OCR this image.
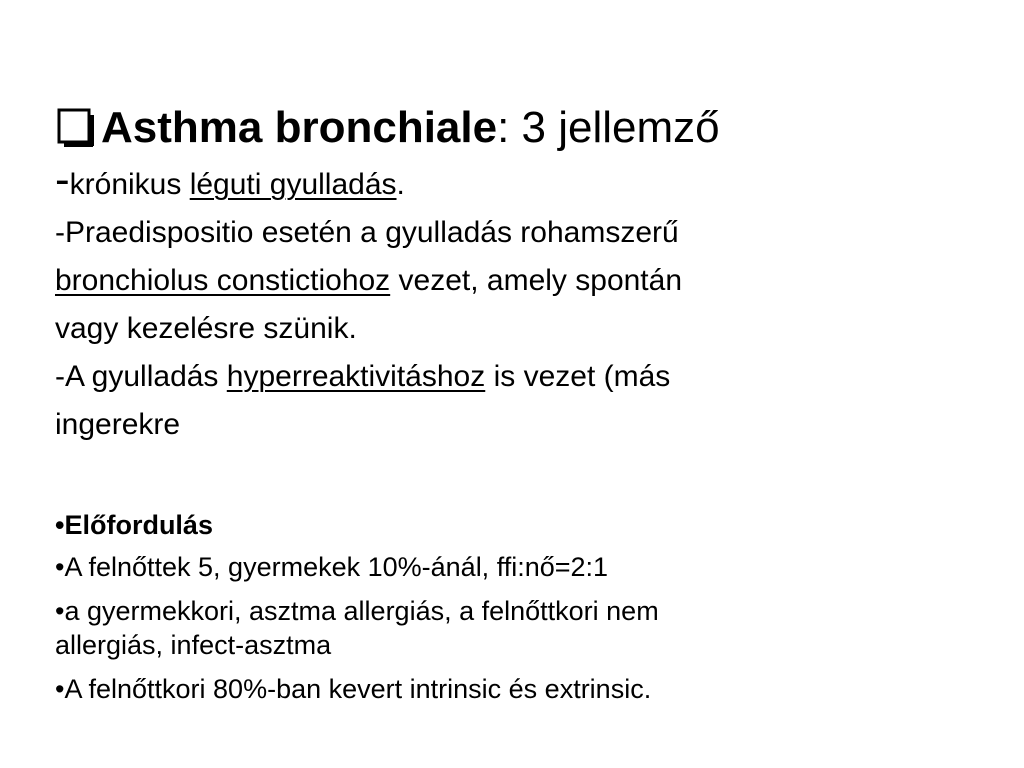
Asthma bronchiale: 3 jellemző
-krónikus léguti gyulladás.
-Praedispositio esetén a gyulladás rohamszerű
bronchiolus constictiohoz vezet, amely spontán
vagy kezelésre szünik.
-A gyulladás hyperreaktivitáshoz is vezet (más
ingerekre
•Előfordulás
•A felnőttek 5, gyermekek 10%-ánál, ffi:nő=2:1
•a gyermekkori, asztma allergiás, a felnőttkori nem
allergiás, infect-asztma
•A felnőttkori 80%-ban kevert intrinsic és extrinsic.
